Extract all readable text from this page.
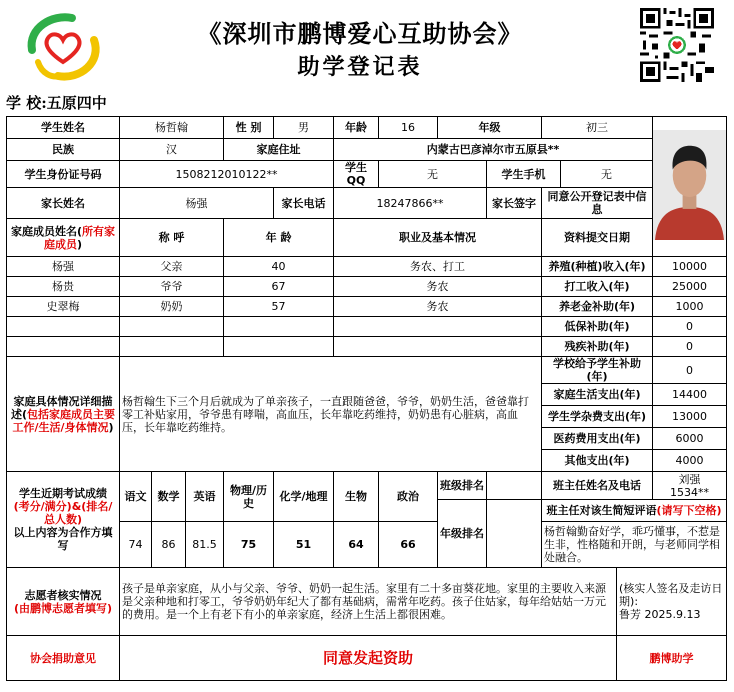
《深圳市鹏博爱心互助协会》
助学登记表
学 校:五原四中
学生姓名	杨哲翰			性 别	男	年龄	16	年级		初三	
民族	汉			家庭住址		内蒙古巴彦淖尔市五原县**							
学生身份证号码	1508212010122**					学生QQ	无		学生手机		无		
家长姓名	杨强				家长电话	18247866**			家长签字	同意公开登记表中信息			
家庭成员姓名(所有家庭成员)	称 呼			年 龄		职业及基本情况				资料提交日期			
杨强	父亲			40		务农、打工				养殖(种植)收入(年)			10000
杨贵	爷爷			67		务农				打工收入(年)			25000
史翠梅	奶奶			57		务农				养老金补助(年)			1000
										低保补助(年)			0
										残疾补助(年)			0
家庭具体情况详细描述(包括家庭成员主要工作/生活/身体情况)	杨哲翰生下三个月后就成为了单亲孩子，一直跟随爸爸，爷爷，奶奶生活，爸爸靠打零工补贴家用，爷爷患有哮喘，高血压，长年靠吃药维持，奶奶患有心脏病，高血压，长年靠吃药维持。									学校给予学生补助(年)			0
										家庭生活支出(年)			14400
										学生学杂费支出(年)			13000
										医药费用支出(年)			6000
										其他支出(年)			4000
学生近期考试成绩
(考分/满分)&(排名/总人数)
以上内容为合作方填写	语文	数学	英语	物理/历史	化学/地理	生物	政治	班级排名		班主任姓名及电话			刘强
1534**
								年级排名		班主任对该生简短评语(请写下空格)			
	74	86	81.5	75	51	64	66			杨哲翰勤奋好学，乖巧懂事，不惹是生非，性格随和开朗，与老师同学相处融合。			
志愿者核实情况
(由鹏博志愿者填写)	孩子是单亲家庭，从小与父亲、爷爷、奶奶一起生活。家里有二十多亩葵花地。家里的主要收入来源是父亲种地和打零工，爷爷奶奶年纪大了都有基础病，需常年吃药。孩子住姑家，每年给姑姑一万元的费用。是一个上有老下有小的单亲家庭，经济上生活上都很困难。											(核实人签名及走访日期):
鲁芳 2025.9.13	
协会捐助意见	同意发起资助											鹏博助学	
